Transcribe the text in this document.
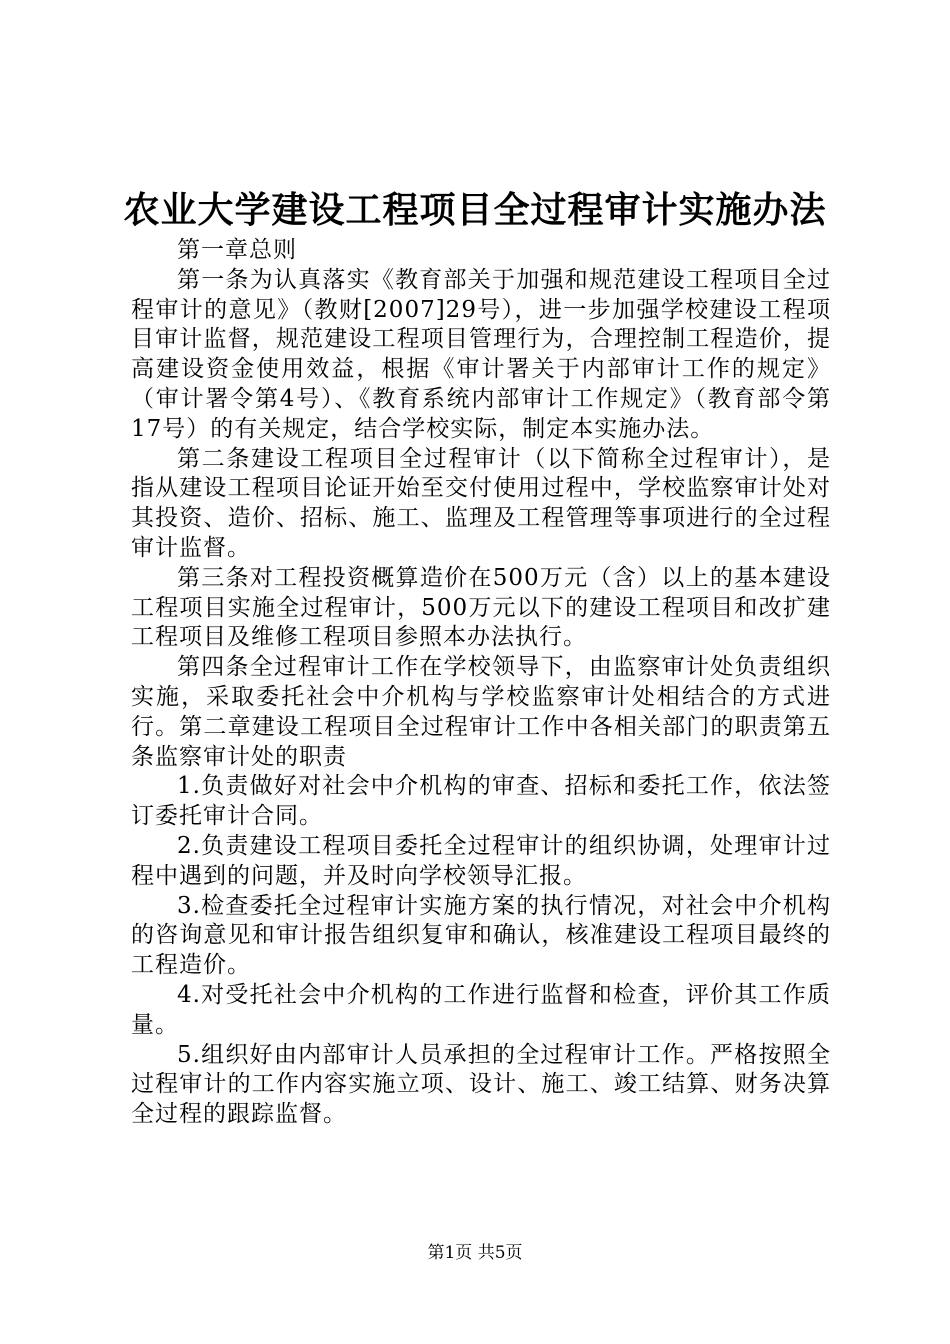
农业大学建设工程项目全过程审计实施办法

第一章总则

第一条为认真落实《教育部关于加强和规范建设工程项目全过程审计的意见》（教财[2007]29号），进一步加强学校建设工程项目审计监督，规范建设工程项目管理行为，合理控制工程造价，提高建设资金使用效益，根据《审计署关于内部审计工作的规定》（审计署令第4号）、《教育系统内部审计工作规定》（教育部令第17号）的有关规定，结合学校实际，制定本实施办法。

第二条建设工程项目全过程审计（以下简称全过程审计），是指从建设工程项目论证开始至交付使用过程中，学校监察审计处对其投资、造价、招标、施工、监理及工程管理等事项进行的全过程审计监督。

第三条对工程投资概算造价在500万元（含）以上的基本建设工程项目实施全过程审计，500万元以下的建设工程项目和改扩建工程项目及维修工程项目参照本办法执行。

第四条全过程审计工作在学校领导下，由监察审计处负责组织实施，采取委托社会中介机构与学校监察审计处相结合的方式进行。第二章建设工程项目全过程审计工作中各相关部门的职责第五条监察审计处的职责

1.负责做好对社会中介机构的审查、招标和委托工作，依法签订委托审计合同。

2.负责建设工程项目委托全过程审计的组织协调，处理审计过程中遇到的问题，并及时向学校领导汇报。

3.检查委托全过程审计实施方案的执行情况，对社会中介机构的咨询意见和审计报告组织复审和确认，核准建设工程项目最终的工程造价。

4.对受托社会中介机构的工作进行监督和检查，评价其工作质量。

5.组织好由内部审计人员承担的全过程审计工作。严格按照全过程审计的工作内容实施立项、设计、施工、竣工结算、财务决算全过程的跟踪监督。

第1页 共5页
